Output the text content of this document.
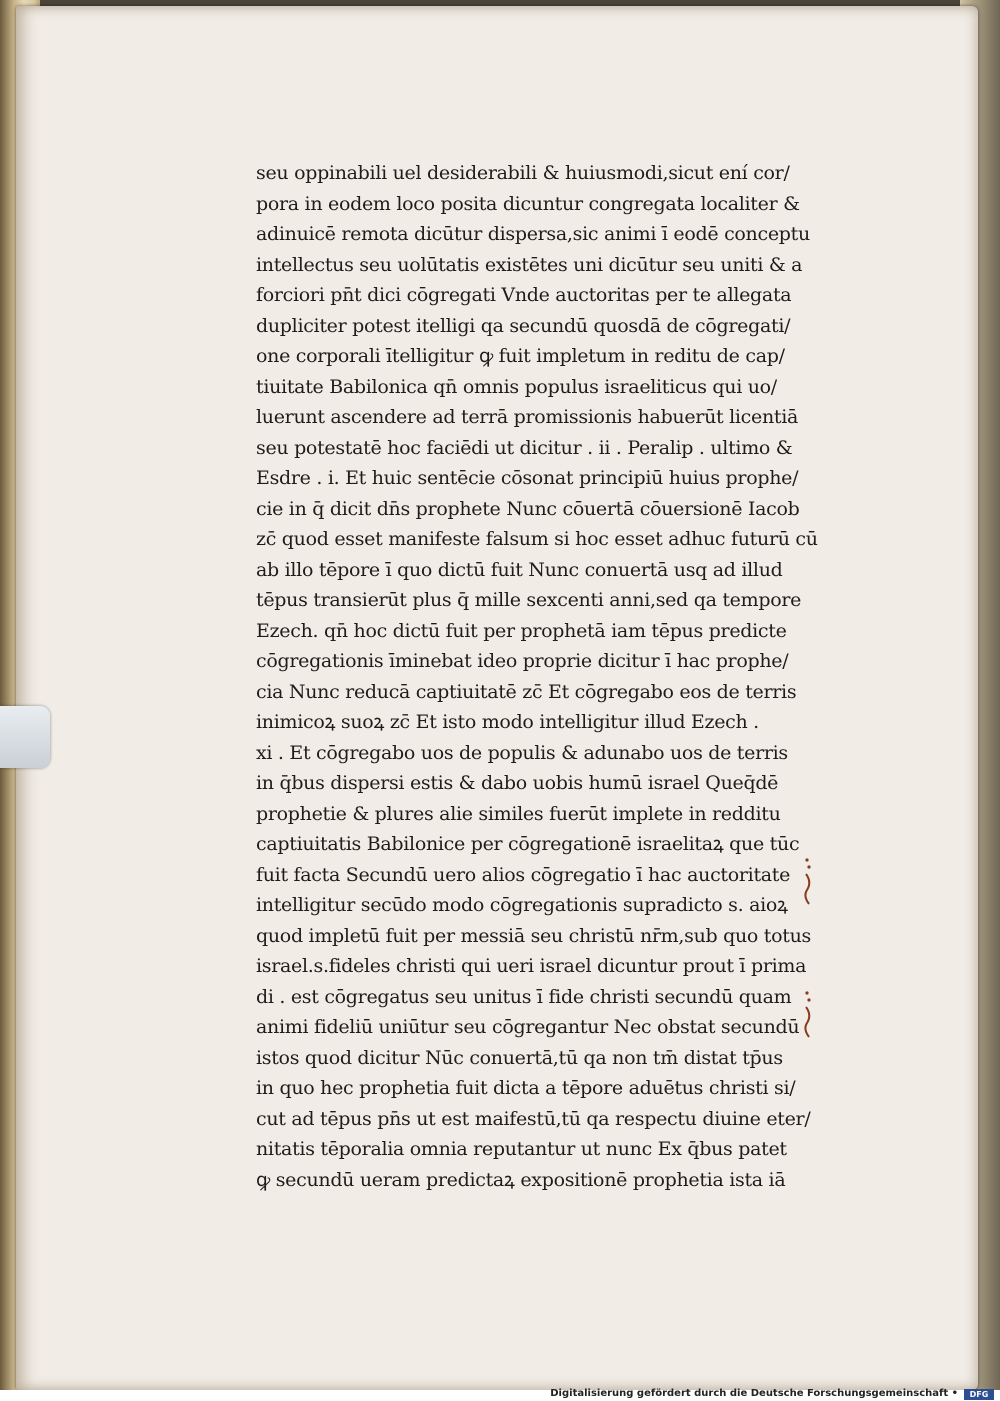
seu oppinabili uel desiderabili & huiusmodi,sicut enı́ cor/
pora in eodem loco posita dicuntur congregata localiter &
adinuicē remota dicūtur dispersa,sic animi ī eodē conceptu
intellectus seu uolūtatis existētes uni dicūtur seu uniti & a
forciori pn̄t dici cōgregati Vnde auctoritas per te allegata
dupliciter potest itelligi qa secundū quosdā de cōgregati/
one corporali ītelligitur ꝙ fuit impletum in reditu de cap/
tiuitate Babilonica qn̄ omnis populus israeliticus qui uo/
luerunt ascendere ad terrā promissionis habuerūt licentiā
seu potestatē hoc faciēdi ut dicitur . ii . Peralip . ultimo &
Esdre . i. Et huic sentēcie cōsonat principiū huius prophe/
cie in q̄ dicit dn̄s prophete Nunc cōuertā cōuersionē Iacob
zc̄ quod esset manifeste falsum si hoc esset adhuc futurū cū
ab illo tēpore ī quo dictū fuit Nunc conuertā usq ad illud
tēpus transierūt plus q̄ mille sexcenti anni,sed qa tempore
Ezech. qn̄ hoc dictū fuit per prophetā iam tēpus predicte
cōgregationis īminebat ideo proprie dicitur ī hac prophe/
cia Nunc reducā captiuitatē zc̄ Et cōgregabo eos de terris
inimicoꝝ suoꝝ zc̄ Et isto modo intelligitur illud Ezech .
xi . Et cōgregabo uos de populis & adunabo uos de terris
in q̄bus dispersi estis & dabo uobis humū israel Queq̄dē
prophetie & plures alie similes fuerūt implete in redditu
captiuitatis Babilonice per cōgregationē israelitaꝝ que tūc
fuit facta Secundū uero alios cōgregatio ī hac auctoritate
intelligitur secūdo modo cōgregationis supradicto s. aioꝝ
quod impletū fuit per messiā seu christū nr̄m,sub quo totus
israel.s.fideles christi qui ueri israel dicuntur prout ī prima
di . est cōgregatus seu unitus ī fide christi secundū quam
animi fideliū uniūtur seu cōgregantur Nec obstat secundū
istos quod dicitur Nūc conuertā,tū qa non tm̄ distat tp̄us
in quo hec prophetia fuit dicta a tēpore aduētus christi si/
cut ad tēpus pn̄s ut est maifestū,tū qa respectu diuine eter/
nitatis tēporalia omnia reputantur ut nunc Ex q̄bus patet
ꝙ secundū ueram predictaꝝ expositionē prophetia ista iā
Digitalisierung gefördert durch die Deutsche Forschungsgemeinschaft •	DFG
